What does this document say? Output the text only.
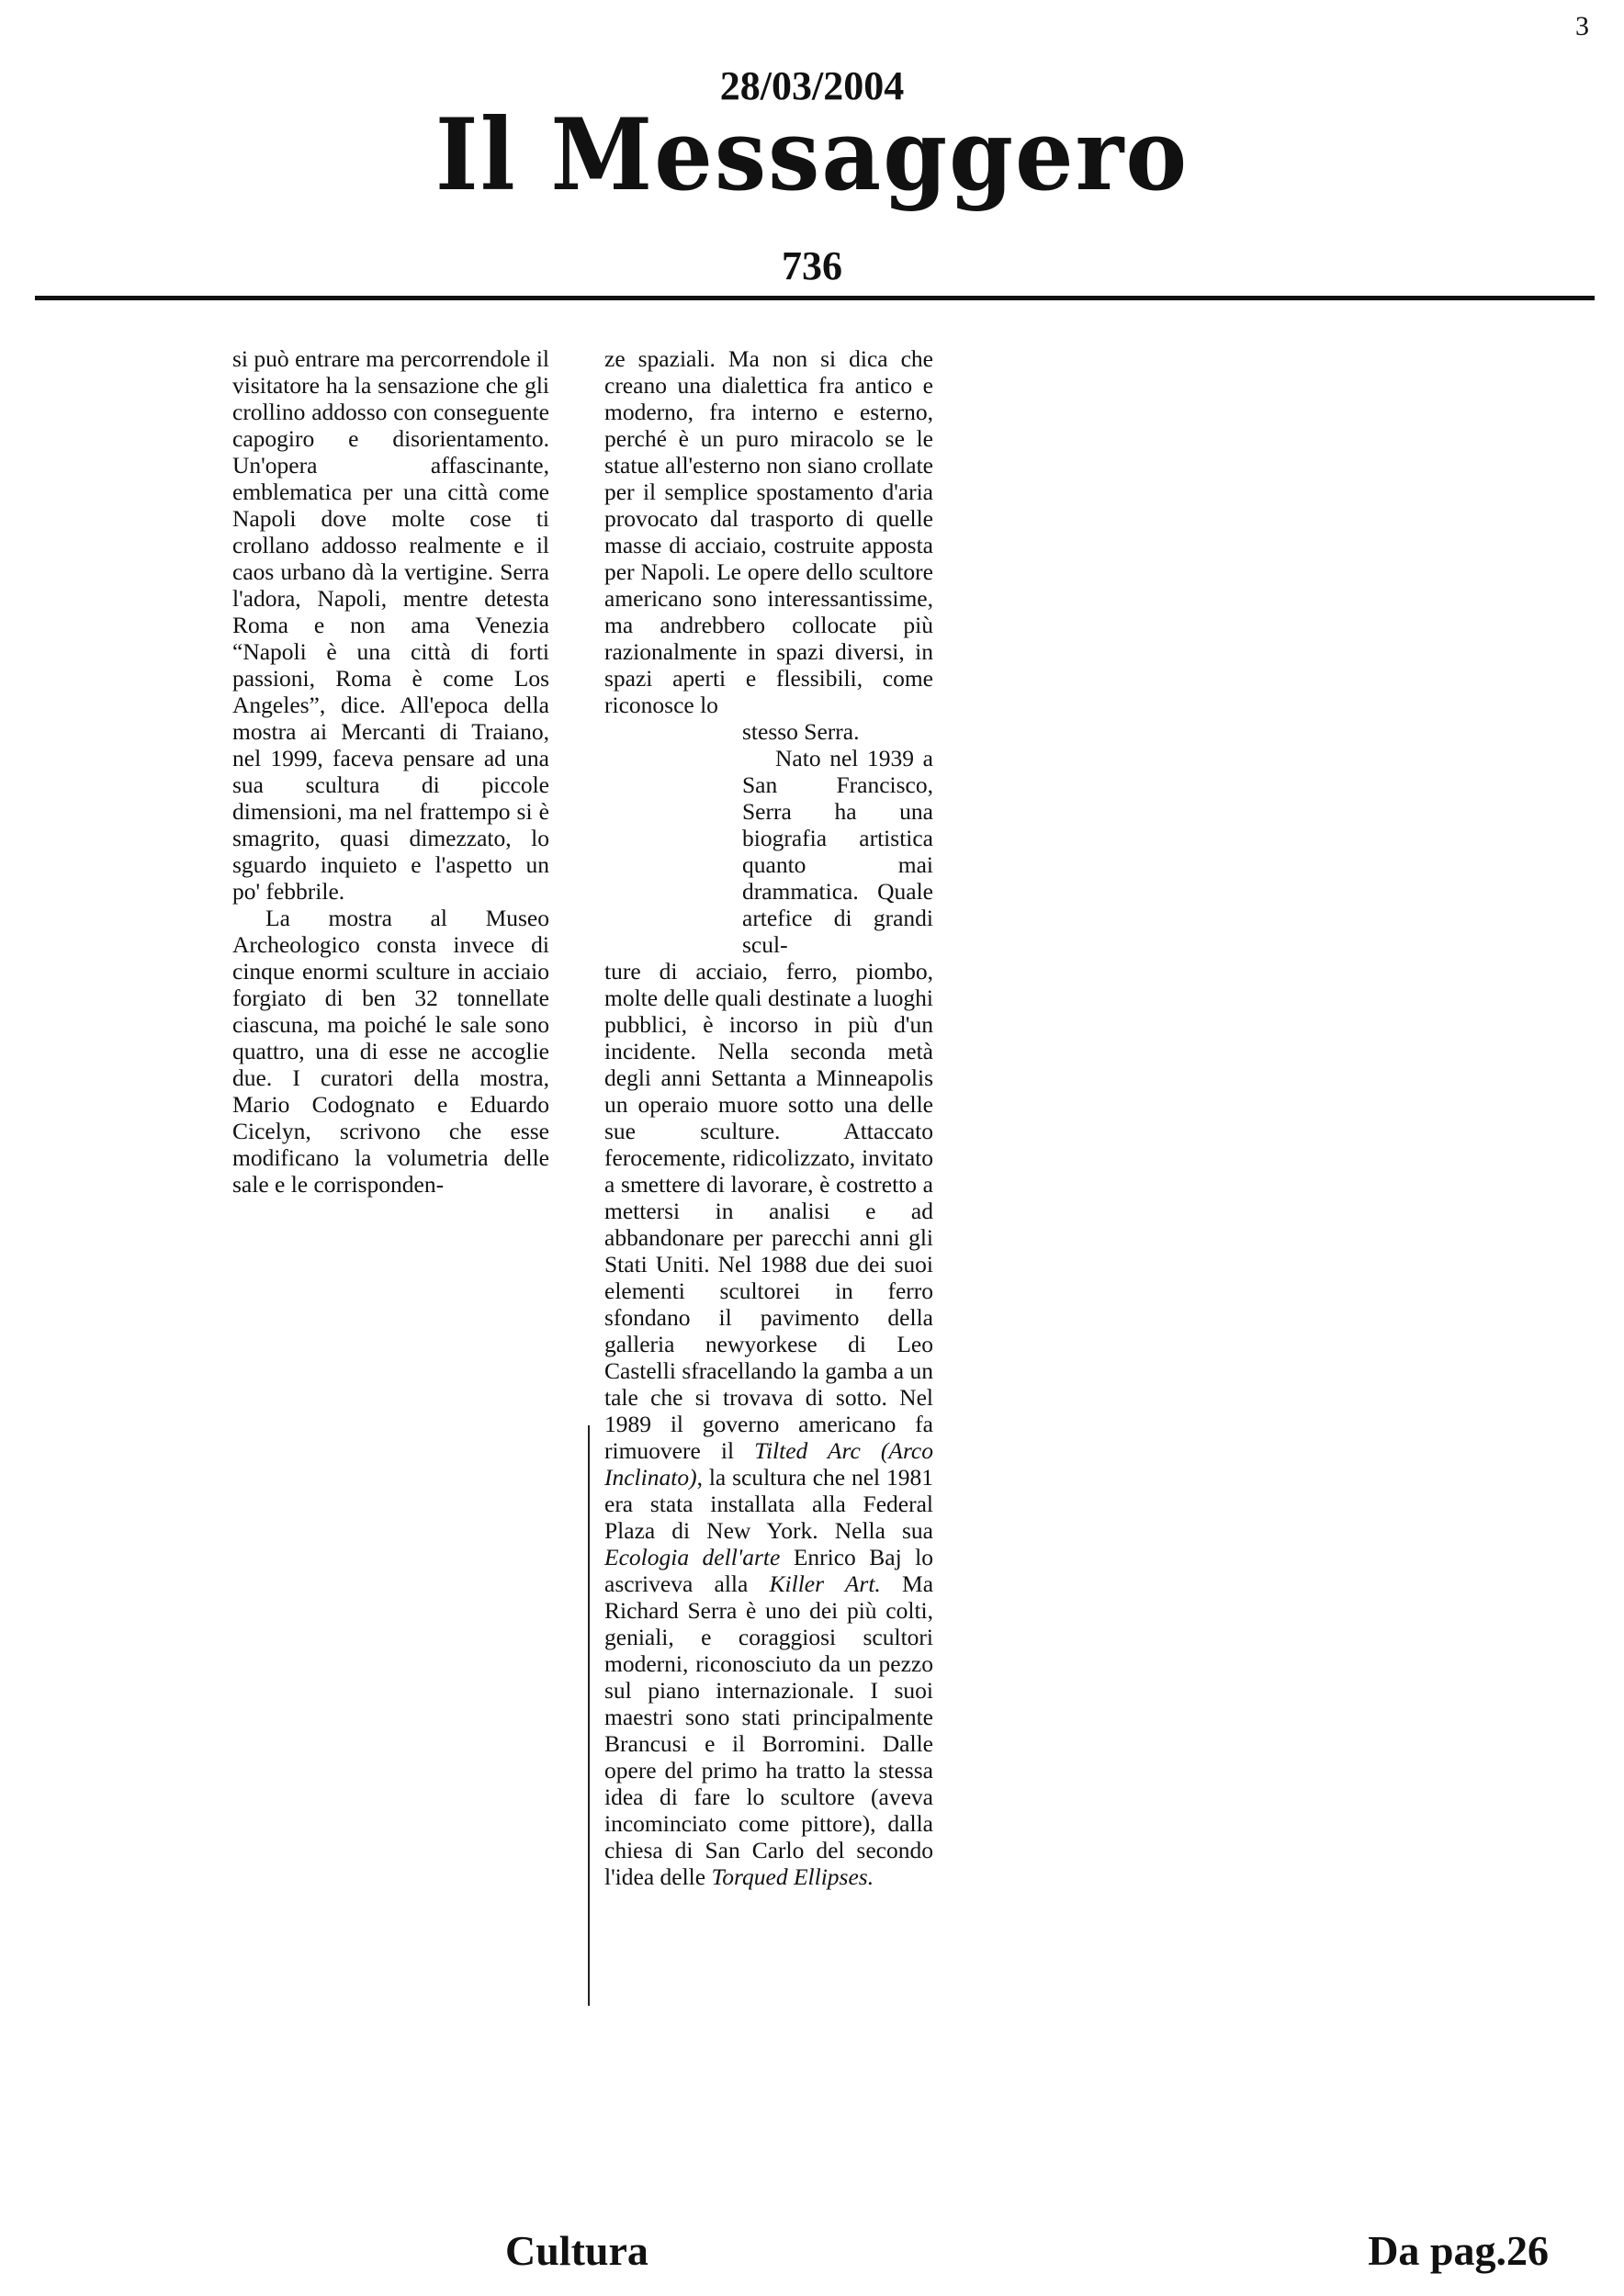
3
28/03/2004
Il Messaggero
736

si può entrare ma percorrendole il visitatore ha la sensazione che gli crollino addosso con conseguente capogiro e disorientamento. Un'opera affascinante, emblematica per una città come Napoli dove molte cose ti crollano addosso realmente e il caos urbano dà la vertigine. Serra l'adora, Napoli, mentre detesta Roma e non ama Venezia “Napoli è una città di forti passioni, Roma è come Los Angeles”, dice. All'epoca della mostra ai Mercanti di Traiano, nel 1999, faceva pensare ad una sua scultura di piccole dimensioni, ma nel frattempo si è smagrito, quasi dimezzato, lo sguardo inquieto e l'aspetto un po' febbrile.

La mostra al Museo Archeologico consta invece di cinque enormi sculture in acciaio forgiato di ben 32 tonnellate ciascuna, ma poiché le sale sono quattro, una di esse ne accoglie due. I curatori della mostra, Mario Codognato e Eduardo Cicelyn, scrivono che esse modificano la volumetria delle sale e le corrisponden-

ze spaziali. Ma non si dica che creano una dialettica fra antico e moderno, fra interno e esterno, perché è un puro miracolo se le statue all'esterno non siano crollate per il semplice spostamento d'aria provocato dal trasporto di quelle masse di acciaio, costruite apposta per Napoli. Le opere dello scultore americano sono interessantissime, ma andrebbero collocate più razionalmente in spazi diversi, in spazi aperti e flessibili, come riconosce lo

stesso Serra.

Nato nel 1939 a San Francisco, Serra ha una biografia artistica quanto mai drammatica. Quale artefice di grandi scul-

ture di acciaio, ferro, piombo, molte delle quali destinate a luoghi pubblici, è incorso in più d'un incidente. Nella seconda metà degli anni Settanta a Minneapolis un operaio muore sotto una delle sue sculture. Attaccato ferocemente, ridicolizzato, invitato a smettere di lavorare, è costretto a mettersi in analisi e ad abbandonare per parecchi anni gli Stati Uniti. Nel 1988 due dei suoi elementi scultorei in ferro sfondano il pavimento della galleria newyorkese di Leo Castelli sfracellando la gamba a un tale che si trovava di sotto. Nel 1989 il governo americano fa rimuovere il Tilted Arc (Arco Inclinato), la scultura che nel 1981 era stata installata alla Federal Plaza di New York. Nella sua Ecologia dell'arte Enrico Baj lo ascriveva alla Killer Art. Ma Richard Serra è uno dei più colti, geniali, e coraggiosi scultori moderni, riconosciuto da un pezzo sul piano internazionale. I suoi maestri sono stati principalmente Brancusi e il Borromini. Dalle opere del primo ha tratto la stessa idea di fare lo scultore (aveva incominciato come pittore), dalla chiesa di San Carlo del secondo l'idea delle Torqued Ellipses.

Cultura	Da pag.26
